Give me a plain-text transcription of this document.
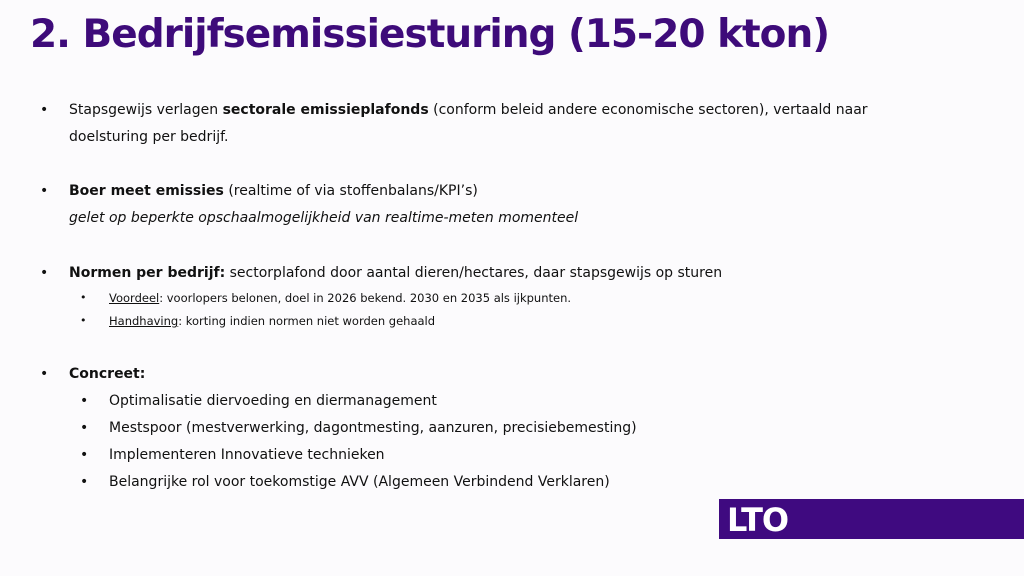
2. Bedrijfsemissiesturing (15-20 kton)
• Stapsgewijs verlagen sectorale emissieplafonds (conform beleid andere economische sectoren), vertaald naar doelsturing per bedrijf.
• Boer meet emissies (realtime of via stoffenbalans/KPI’s)
gelet op beperkte opschaalmogelijkheid van realtime-meten momenteel
• Normen per bedrijf: sectorplafond door aantal dieren/hectares, daar stapsgewijs op sturen
• Voordeel: voorlopers belonen, doel in 2026 bekend. 2030 en 2035 als ijkpunten.
• Handhaving: korting indien normen niet worden gehaald
• Concreet:
• Optimalisatie diervoeding en diermanagement
• Mestspoor (mestverwerking, dagontmesting, aanzuren, precisiebemesting)
• Implementeren Innovatieve technieken
• Belangrijke rol voor toekomstige AVV (Algemeen Verbindend Verklaren)
LTO
